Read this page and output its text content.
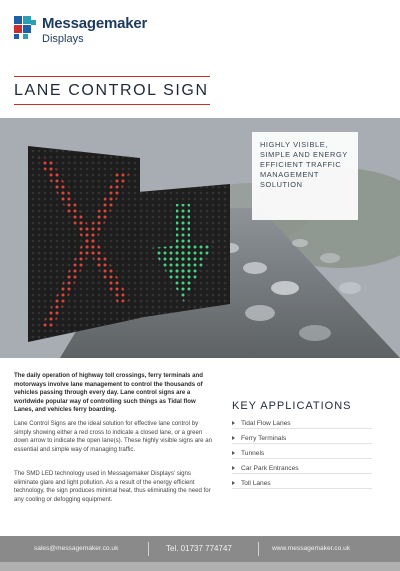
Messagemaker
Displays
LANE CONTROL SIGN
HIGHLY VISIBLE, SIMPLE AND ENERGY EFFICIENT TRAFFIC MANAGEMENT SOLUTION

The daily operation of highway toll crossings, ferry terminals and motorways involve lane management to control the thousands of vehicles passing through every day. Lane control signs are a worldwide popular way of controlling such things as Tidal flow Lanes, and vehicles ferry boarding.

Lane Control Signs are the ideal solution for effective lane control by simply showing either a red cross to indicate a closed lane, or a green down arrow to indicate the open lane(s). These highly visible signs are an essential and simple way of managing traffic.

The SMD LED technology used in Messagemaker Displays' signs eliminate glare and light pollution. As a result of the energy efficient technology, the sign produces minimal heat, thus eliminating the need for any cooling or defogging equipment.

KEY APPLICATIONS
Tidal Flow Lanes
Ferry Terminals
Tunnels
Car Park Entrances
Toll Lanes
sales@messagemaker.co.uk	Tel. 01737 774747	www.messagemaker.co.uk
